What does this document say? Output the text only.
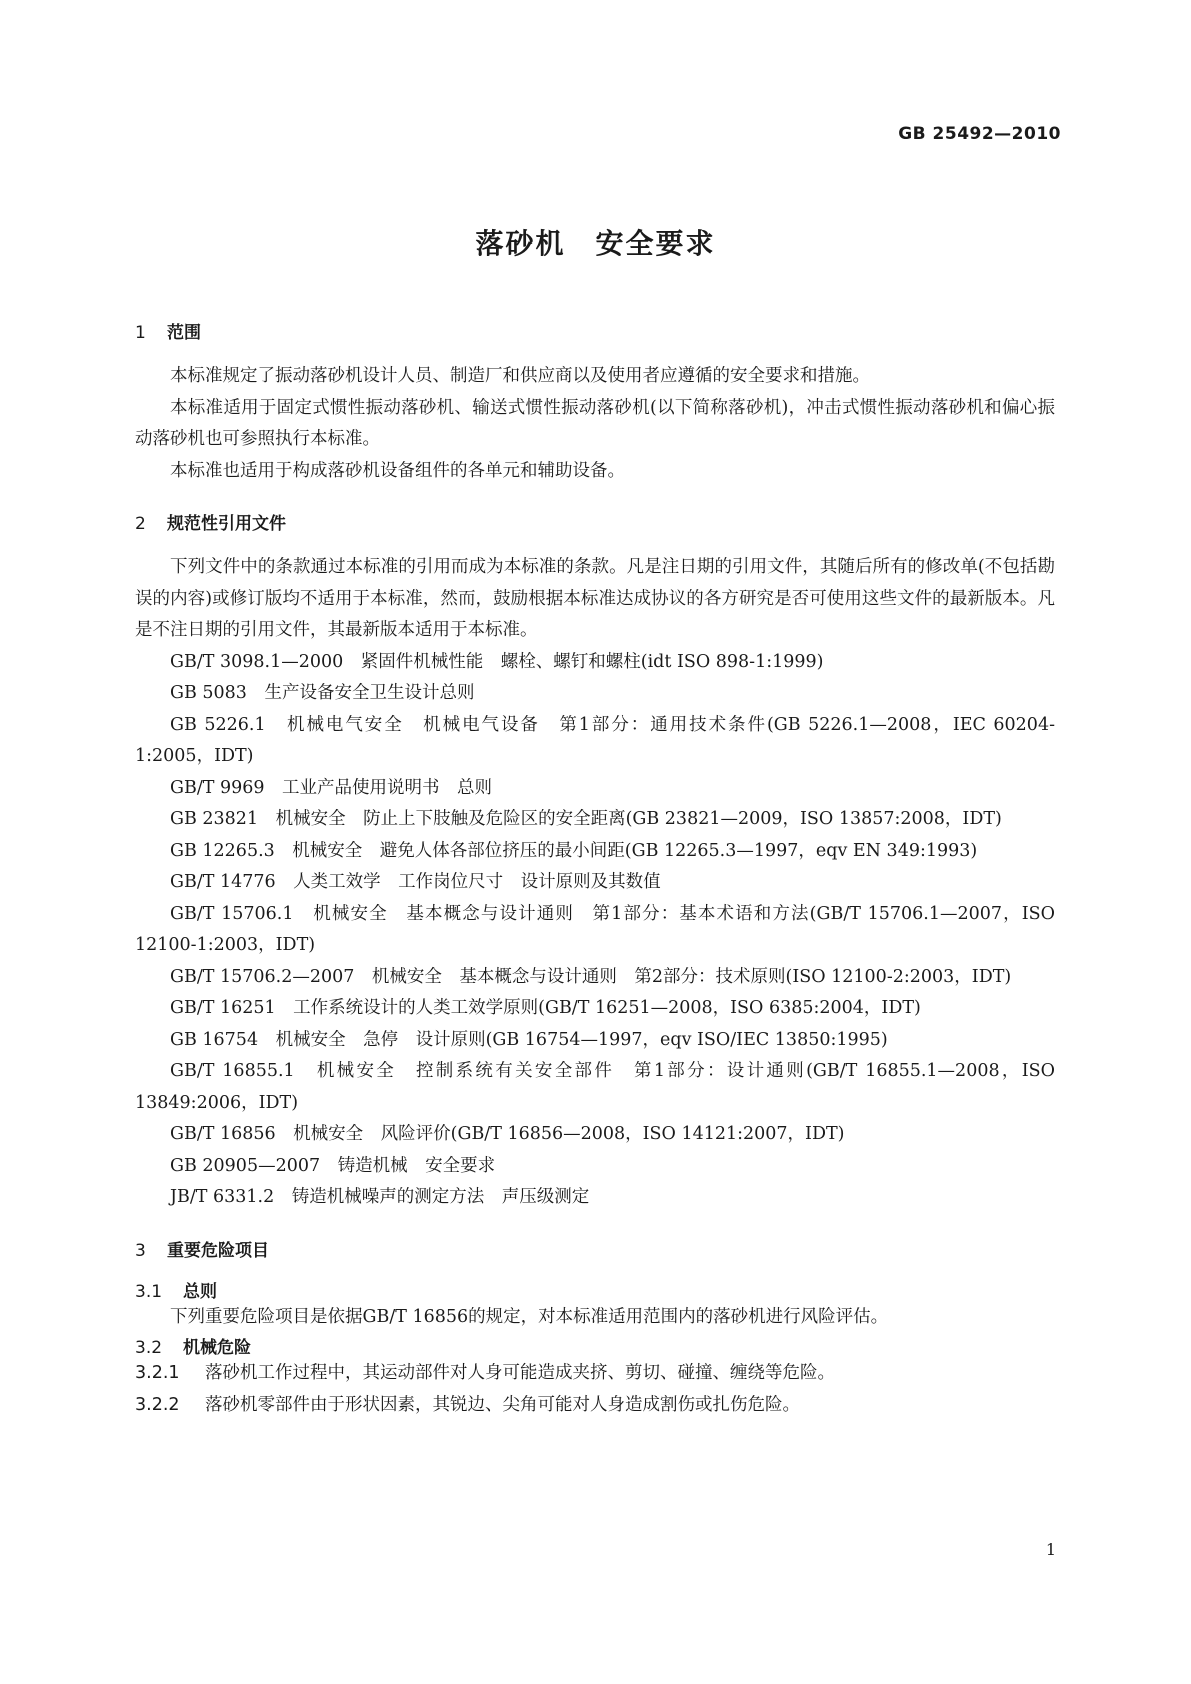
GB 25492—2010
落砂机　安全要求
1 范围

本标准规定了振动落砂机设计人员、制造厂和供应商以及使用者应遵循的安全要求和措施。

本标准适用于固定式惯性振动落砂机、输送式惯性振动落砂机(以下简称落砂机)，冲击式惯性振动落砂机和偏心振动落砂机也可参照执行本标准。

本标准也适用于构成落砂机设备组件的各单元和辅助设备。

2 规范性引用文件

下列文件中的条款通过本标准的引用而成为本标准的条款。凡是注日期的引用文件，其随后所有的修改单(不包括勘误的内容)或修订版均不适用于本标准，然而，鼓励根据本标准达成协议的各方研究是否可使用这些文件的最新版本。凡是不注日期的引用文件，其最新版本适用于本标准。

GB/T 3098.1—2000　紧固件机械性能　螺栓、螺钉和螺柱(idt ISO 898-1:1999)

GB 5083　生产设备安全卫生设计总则

GB 5226.1　机械电气安全　机械电气设备　第1部分：通用技术条件(GB 5226.1—2008，IEC 60204-1:2005，IDT)

GB/T 9969　工业产品使用说明书　总则

GB 23821　机械安全　防止上下肢触及危险区的安全距离(GB 23821—2009，ISO 13857:2008，IDT)

GB 12265.3　机械安全　避免人体各部位挤压的最小间距(GB 12265.3—1997，eqv EN 349:1993)

GB/T 14776　人类工效学　工作岗位尺寸　设计原则及其数值

GB/T 15706.1　机械安全　基本概念与设计通则　第1部分：基本术语和方法(GB/T 15706.1—2007，ISO 12100-1:2003，IDT)

GB/T 15706.2—2007　机械安全　基本概念与设计通则　第2部分：技术原则(ISO 12100-2:2003，IDT)

GB/T 16251　工作系统设计的人类工效学原则(GB/T 16251—2008，ISO 6385:2004，IDT)

GB 16754　机械安全　急停　设计原则(GB 16754—1997，eqv ISO/IEC 13850:1995)

GB/T 16855.1　机械安全　控制系统有关安全部件　第1部分：设计通则(GB/T 16855.1—2008，ISO 13849:2006，IDT)

GB/T 16856　机械安全　风险评价(GB/T 16856—2008，ISO 14121:2007，IDT)

GB 20905—2007　铸造机械　安全要求

JB/T 6331.2　铸造机械噪声的测定方法　声压级测定

3 重要危险项目
3.1 总则

下列重要危险项目是依据GB/T 16856的规定，对本标准适用范围内的落砂机进行风险评估。

3.2 机械危险
3.2.1 落砂机工作过程中，其运动部件对人身可能造成夹挤、剪切、碰撞、缠绕等危险。
3.2.2 落砂机零部件由于形状因素，其锐边、尖角可能对人身造成割伤或扎伤危险。
1
